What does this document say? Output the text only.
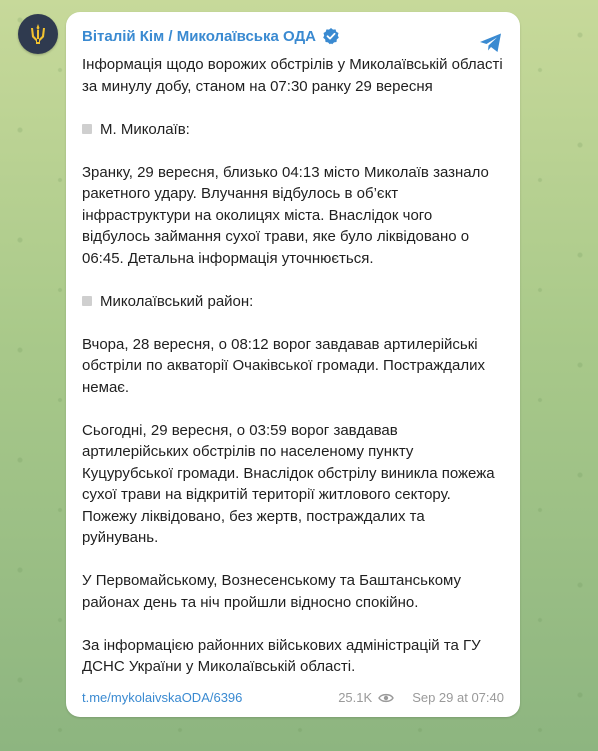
Віталій Кім / Миколаївська ОДА

Інформація щодо ворожих обстрілів у Миколаївській області за минулу добу, станом на 07:30 ранку 29 вересня

М. Миколаїв:

Зранку, 29 вересня, близько 04:13 місто Миколаїв зазнало ракетного удару. Влучання відбулось в об’єкт інфраструктури на околицях міста. Внаслідок чого відбулось займання сухої трави, яке було ліквідовано о 06:45. Детальна інформація уточнюється.

Миколаївський район:

Вчора, 28 вересня, о 08:12 ворог завдавав артилерійські обстріли по акваторії Очаківської громади. Постраждалих немає.

Сьогодні, 29 вересня, о 03:59 ворог завдавав артилерійських обстрілів по населеному пункту Куцурубської громади. Внаслідок обстрілу виникла пожежа сухої трави на відкритій території житлового сектору. Пожежу ліквідовано, без жертв, постраждалих та руйнувань.

У Первомайському, Вознесенському та Баштанському районах день та ніч пройшли відносно спокійно.

За інформацією районних військових адміністрацій та ГУ ДСНС України у Миколаївській області.

t.me/mykolaivskaODA/6396	25.1K	Sep 29 at 07:40
